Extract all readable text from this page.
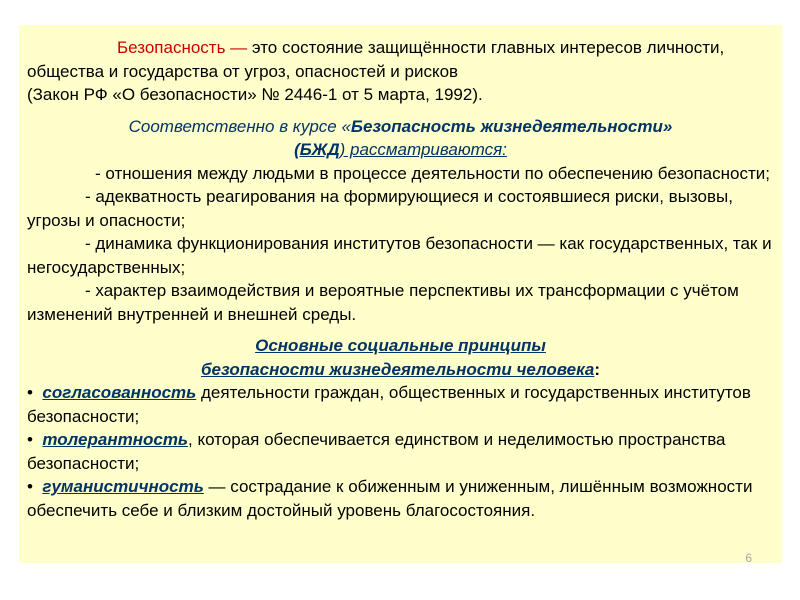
Безопасность — это состояние защищённости главных интересов личности, общества и государства от угроз, опасностей и рисков
(Закон РФ «О безопасности» № 2446-1 от 5 марта, 1992).

Соответственно в курсе «Безопасность жизнедеятельности»
(БЖД) рассматриваются:

- отношения между людьми в процессе деятельности по обеспечению безопасности;

- адекватность реагирования на формирующиеся и состоявшиеся риски, вызовы, угрозы и опасности;

- динамика функционирования институтов безопасности — как государственных, так и негосударственных;

- характер взаимодействия и вероятные перспективы их трансформации с учётом изменений внутренней и внешней среды.

Основные социальные принципы
безопасности жизнедеятельности человека:

• согласованность деятельности граждан, общественных и государственных институтов безопасности;

• толерантность, которая обеспечивается единством и неделимостью пространства безопасности;

• гуманистичность — сострадание к обиженным и униженным, лишённым возможности обеспечить себе и близким достойный уровень благосостояния.

6
